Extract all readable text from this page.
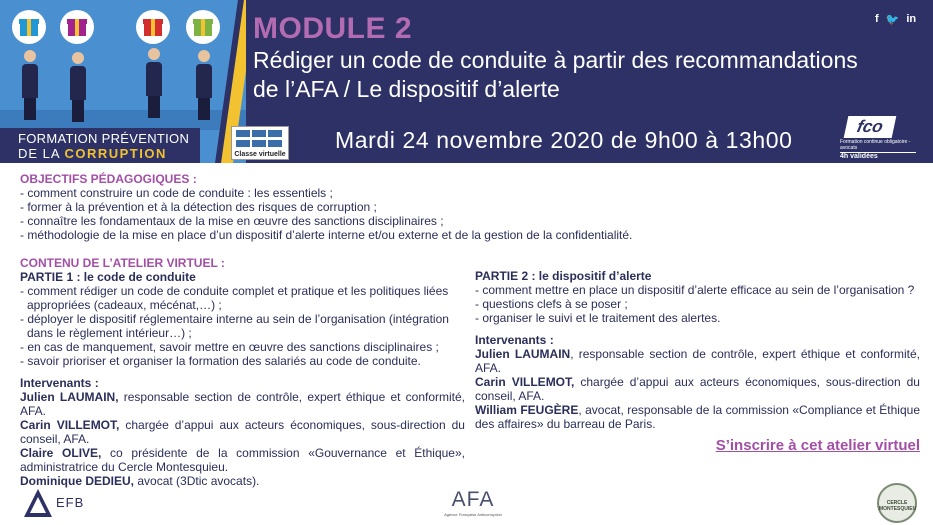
FORMATION PRÉVENTION
DE LA CORRUPTION	Classe virtuelle
MODULE 2
Rédiger un code de conduite à partir des recommandations
de l’AFA / Le dispositif d’alerte
Mardi 24 novembre 2020 de 9h00 à 13h00
f 🐦 in
fco
Formation continue obligatoire - avocats
4h validées
OBJECTIFS PÉDAGOGIQUES :
- comment construire un code de conduite : les essentiels ;
- former à la prévention et à la détection des risques de corruption ;
- connaître les fondamentaux de la mise en œuvre des sanctions disciplinaires ;
- méthodologie de la mise en place d’un dispositif d’alerte interne et/ou externe et de la gestion de la confidentialité.
CONTENU DE L’ATELIER VIRTUEL :
PARTIE 1 : le code de conduite
- comment rédiger un code de conduite complet et pratique et les politiques liées appropriées (cadeaux, mécénat,…) ;
- déployer le dispositif réglementaire interne au sein de l’organisation (intégration dans le règlement intérieur…) ;
- en cas de manquement, savoir mettre en œuvre des sanctions disciplinaires ;
- savoir prioriser et organiser la formation des salariés au code de conduite.
Intervenants :
Julien LAUMAIN, responsable section de contrôle, expert éthique et conformité, AFA.
Carin VILLEMOT, chargée d’appui aux acteurs économiques, sous-direction du conseil, AFA.
Claire OLIVE, co présidente de la commission «Gouvernance et Éthique», administratrice du Cercle Montesquieu.
Dominique DEDIEU, avocat (3Dtic avocats).
PARTIE 2 : le dispositif d’alerte
- comment mettre en place un dispositif d’alerte efficace au sein de l’organisation ?
- questions clefs à se poser ;
- organiser le suivi et le traitement des alertes.
Intervenants :
Julien LAUMAIN, responsable section de contrôle, expert éthique et conformité, AFA.
Carin VILLEMOT, chargée d’appui aux acteurs économiques, sous-direction du conseil, AFA.
William FEUGÈRE, avocat, responsable de la commission «Compliance et Éthique des affaires» du barreau de Paris.
S’inscrire à cet atelier virtuel
EFB	AFA
Agence Française Anticorruption
CERCLE MONTESQUIEU
